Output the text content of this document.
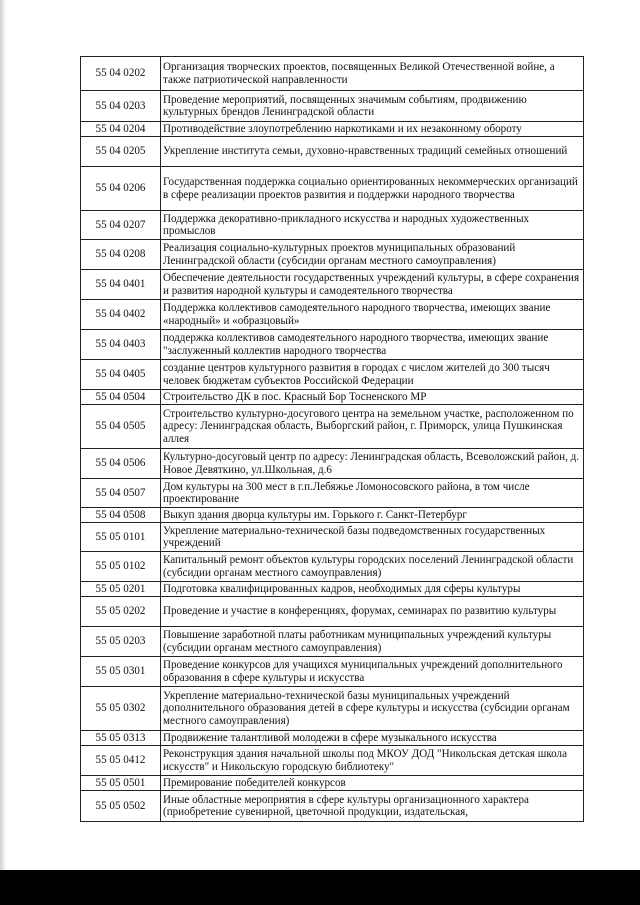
55 04 0202	Организация творческих проектов, посвященных Великой Отечественной войне, а также патриотической направленности
55 04 0203	Проведение мероприятий, посвященных значимым событиям, продвижению культурных брендов Ленинградской области
55 04 0204	Противодействие злоупотреблению наркотиками и их незаконному обороту
55 04 0205	Укрепление института семьи, духовно-нравственных традиций семейных отношений
55 04 0206	Государственная поддержка социально ориентированных некоммерческих организаций в сфере реализации проектов развития и поддержки народного творчества
55 04 0207	Поддержка декоративно-прикладного искусства и народных художественных промыслов
55 04 0208	Реализация социально-культурных проектов муниципальных образований Ленинградской области (субсидии органам местного самоуправления)
55 04 0401	Обеспечение деятельности государственных учреждений культуры, в сфере сохранения и развития народной культуры и самодеятельного творчества
55 04 0402	Поддержка коллективов самодеятельного народного творчества, имеющих звание «народный» и «образцовый»
55 04 0403	поддержка коллективов самодеятельного народного творчества, имеющих звание "заслуженный коллектив народного творчества
55 04 0405	создание центров культурного развития в городах с числом жителей до 300 тысяч человек бюджетам субъектов Российской Федерации
55 04 0504	Строительство ДК в пос. Красный Бор Тосненского МР
55 04 0505	Строительство культурно-досугового центра на земельном участке, расположенном по адресу: Ленинградская область, Выборгский район, г. Приморск, улица Пушкинская аллея
55 04 0506	Культурно-досуговый центр по адресу: Ленинградская область, Всеволожский район, д. Новое Девяткино, ул.Школьная, д.6
55 04 0507	Дом культуры на 300 мест в г.п.Лебяжье Ломоносовского района, в том числе проектирование
55 04 0508	Выкуп здания дворца культуры им. Горького г. Санкт-Петербург
55 05 0101	Укрепление материально-технической базы подведомственных государственных учреждений
55 05 0102	Капитальный ремонт объектов культуры городских поселений Ленинградской области (субсидии органам местного самоуправления)
55 05 0201	Подготовка квалифицированных кадров, необходимых для сферы культуры
55 05 0202	Проведение и участие в конференциях, форумах, семинарах по развитию культуры
55 05 0203	Повышение заработной платы работникам муниципальных учреждений культуры (субсидии органам местного самоуправления)
55 05 0301	Проведение конкурсов для учащихся муниципальных учреждений дополнительного образования в сфере культуры и искусства
55 05 0302	Укрепление материально-технической базы муниципальных учреждений дополнительного образования детей в сфере культуры и искусства (субсидии органам местного самоуправления)
55 05 0313	Продвижение талантливой молодежи в сфере музыкального искусства
55 05 0412	Реконструкция здания начальной школы под МКОУ ДОД "Никольская детская школа искусств" и Никольскую городскую библиотеку"
55 05 0501	Премирование победителей конкурсов
55 05 0502	Иные областные мероприятия в сфере культуры организационного характера (приобретение сувенирной, цветочной продукции, издательская,
